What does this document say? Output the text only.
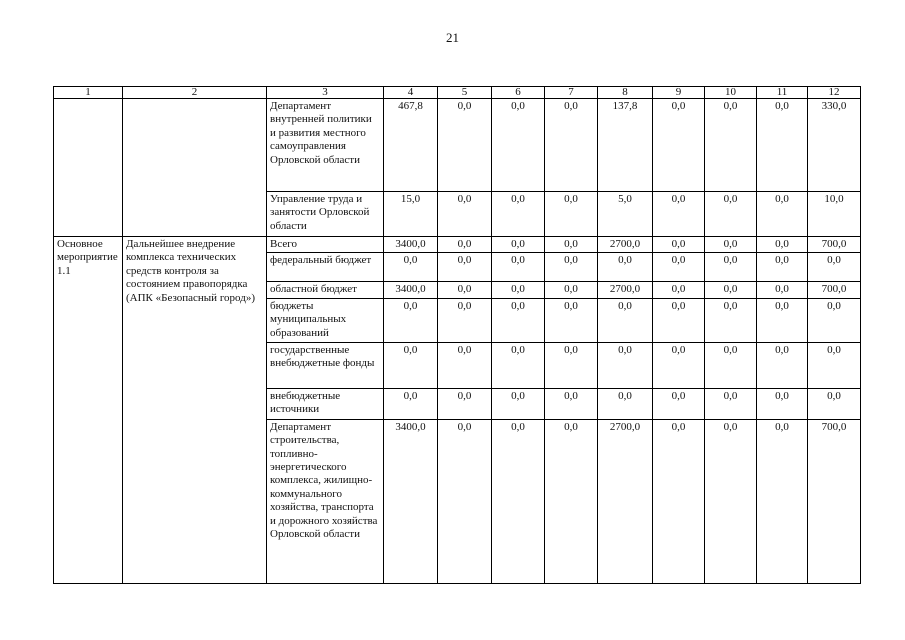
21
1	2	3	4	5	6	7	8	9	10	11	12
		Департамент внутренней политики и развития местного самоуправления Орловской области	467,8	0,0	0,0	0,0	137,8	0,0	0,0	0,0	330,0
		Управление труда и занятости Орловской области	15,0	0,0	0,0	0,0	5,0	0,0	0,0	0,0	10,0
Основное мероприятие 1.1	Дальнейшее внедрение комплекса технических средств контроля за состоянием правопорядка (АПК «Безопасный город»)	Всего	3400,0	0,0	0,0	0,0	2700,0	0,0	0,0	0,0	700,0
		федеральный бюджет	0,0	0,0	0,0	0,0	0,0	0,0	0,0	0,0	0,0
		областной бюджет	3400,0	0,0	0,0	0,0	2700,0	0,0	0,0	0,0	700,0
		бюджеты муниципальных образований	0,0	0,0	0,0	0,0	0,0	0,0	0,0	0,0	0,0
		государственные внебюджетные фонды	0,0	0,0	0,0	0,0	0,0	0,0	0,0	0,0	0,0
		внебюджетные источники	0,0	0,0	0,0	0,0	0,0	0,0	0,0	0,0	0,0
		Департамент строительства, топливно-энергетического комплекса, жилищно-коммунального хозяйства, транспорта и дорожного хозяйства Орловской области	3400,0	0,0	0,0	0,0	2700,0	0,0	0,0	0,0	700,0
